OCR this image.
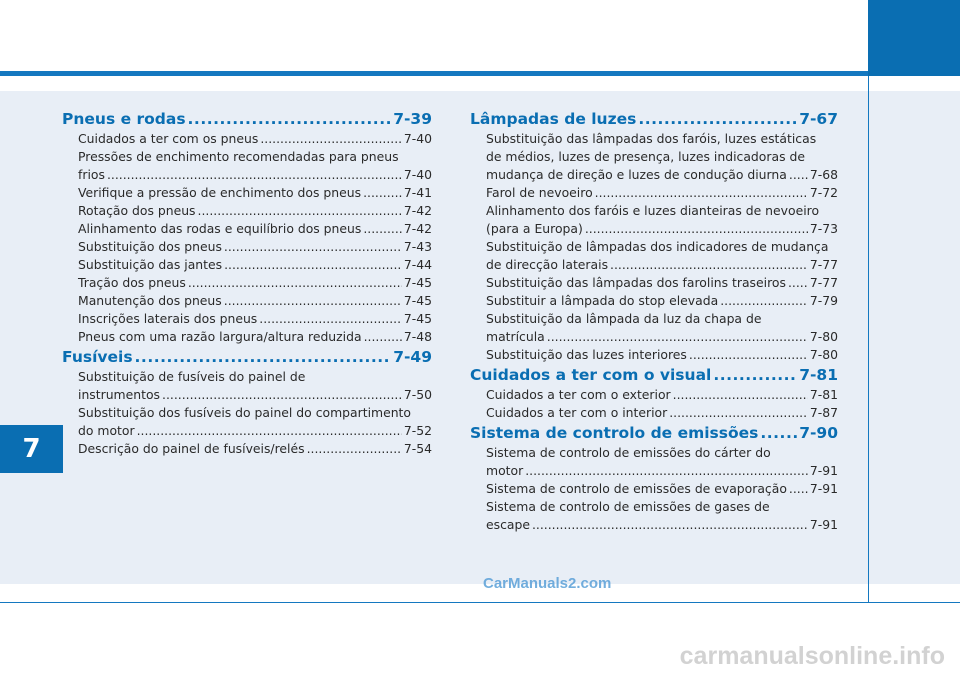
7
Pneus e rodas .....	7-39
Cuidados a ter com os pneus .....	7-40
Pressões de enchimento recomendadas para pneus
frios .....	7-40
Verifique a pressão de enchimento dos pneus .....	7-41
Rotação dos pneus .....	7-42
Alinhamento das rodas e equilíbrio dos pneus .....	7-42
Substituição dos pneus .....	7-43
Substituição das jantes .....	7-44
Tração dos pneus .....	7-45
Manutenção dos pneus .....	7-45
Inscrições laterais dos pneus .....	7-45
Pneus com uma razão largura/altura reduzida .....	7-48
Fusíveis .....	7-49
Substituição de fusíveis do painel de
instrumentos .....	7-50
Substituição dos fusíveis do painel do compartimento
do motor .....	7-52
Descrição do painel de fusíveis/relés .....	7-54
Lâmpadas de luzes .....	7-67
Substituição das lâmpadas dos faróis, luzes estáticas
de médios, luzes de presença, luzes indicadoras de
mudança de direção e luzes de condução diurna ..... 7-68
Farol de nevoeiro .....	7-72
Alinhamento dos faróis e luzes dianteiras de nevoeiro
(para a Europa) .....	7-73
Substituição de lâmpadas dos indicadores de mudança
de direcção laterais .....	7-77
Substituição das lâmpadas dos farolins traseiros ..... 7-77
Substituir a lâmpada do stop elevada .....	7-79
Substituição da lâmpada da luz da chapa de
matrícula .....	7-80
Substituição das luzes interiores .....	7-80
Cuidados a ter com o visual .....	7-81
Cuidados a ter com o exterior .....	7-81
Cuidados a ter com o interior .....	7-87
Sistema de controlo de emissões .....	7-90
Sistema de controlo de emissões do cárter do
motor .....	7-91
Sistema de controlo de emissões de evaporação ..... 7-91
Sistema de controlo de emissões de gases de
escape .....	7-91
CarManuals2.com
carmanualsonline.info
